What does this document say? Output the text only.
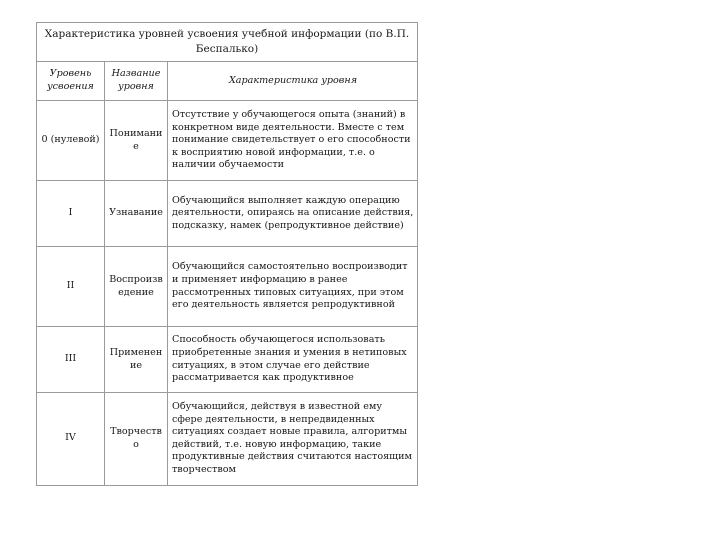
Характеристика уровней усвоения учебной информации (по В.П. Беспалько)
Уровень усвоения	Название уровня	Характеристика уровня
0 (нулевой)	Понимание	Отсутствие у обучающегося опыта (знаний) в конкретном виде деятельности. Вместе с тем понимание свидетельствует о его способности к восприятию новой информации, т.е. о наличии обучаемости
I	Узнавание	Обучающийся выполняет каждую операцию деятельности, опираясь на описание действия, подсказку, намек (репродуктивное действие)
II	Воспроизведение	Обучающийся самостоятельно воспроизводит и применяет информацию в ранее рассмотренных типовых ситуациях, при этом его деятельность является репродуктивной
III	Применение	Способность обучающегося использовать приобретенные знания и умения в нетиповых ситуациях, в этом случае его действие рассматривается как продуктивное
IV	Творчество	Обучающийся, действуя в известной ему сфере деятельности, в непредвиденных ситуациях создает новые правила, алгоритмы действий, т.е. новую информацию, такие продуктивные действия считаются настоящим творчеством
